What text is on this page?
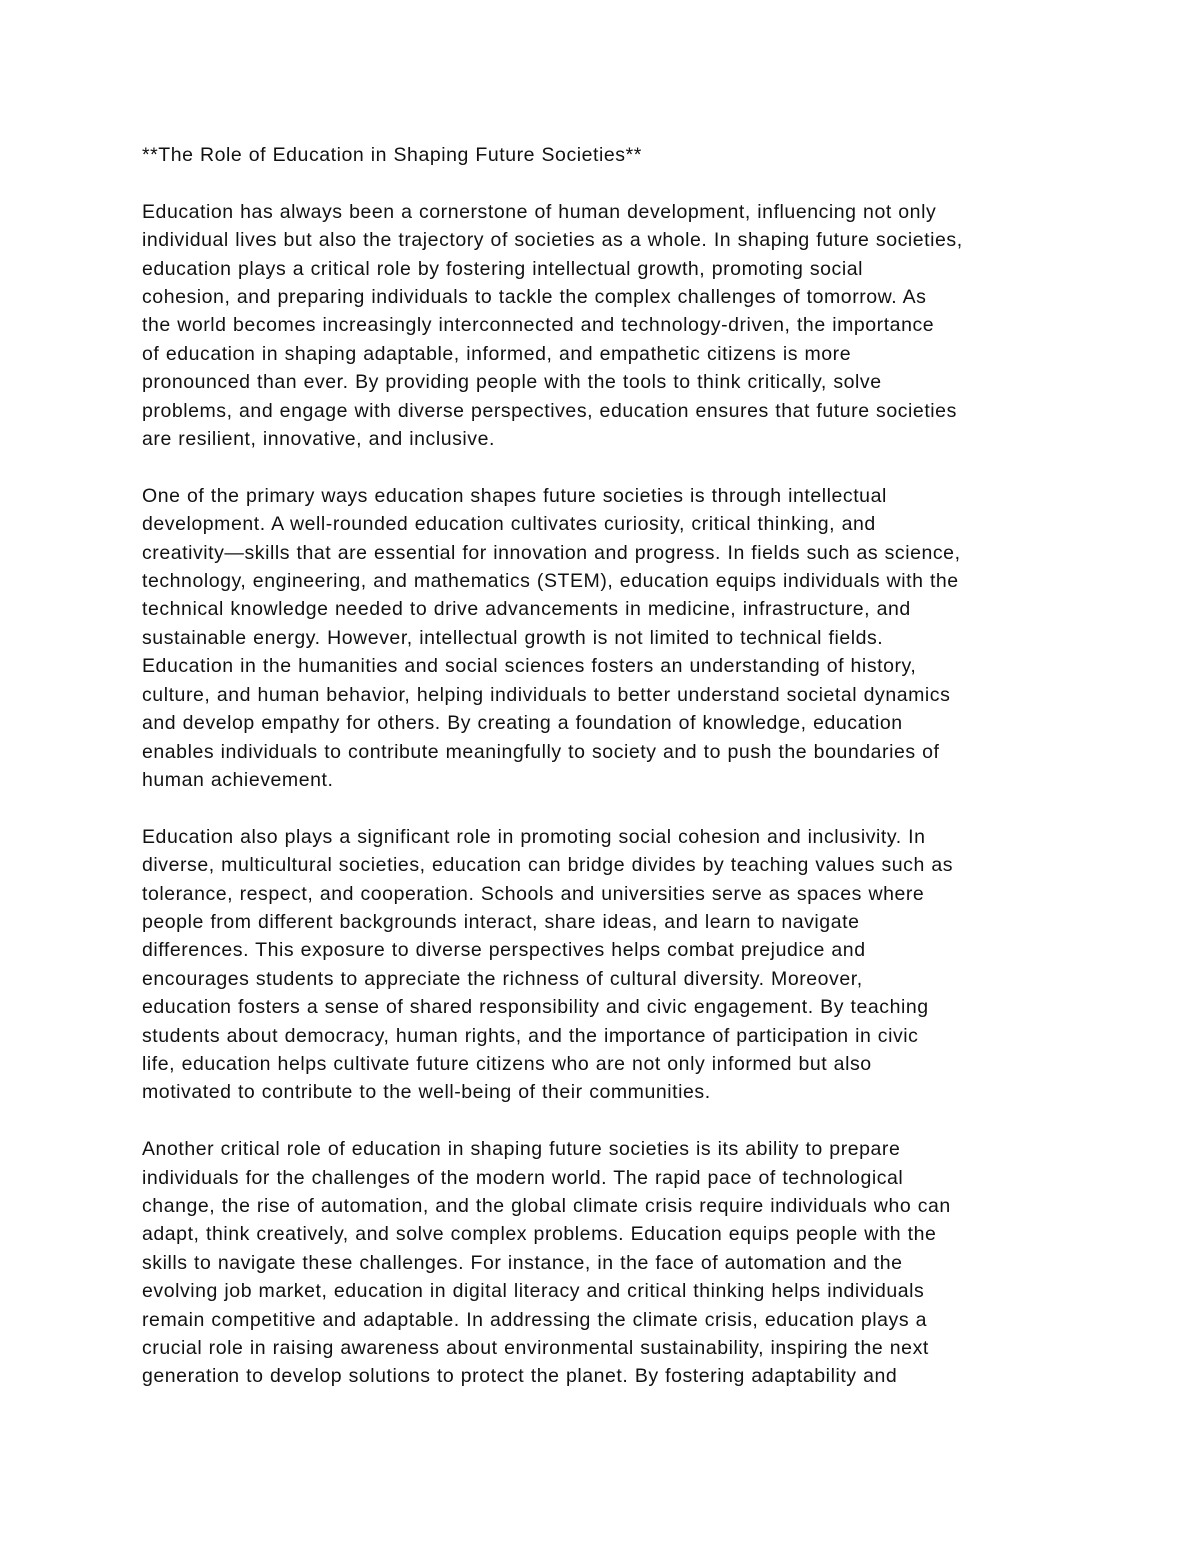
**The Role of Education in Shaping Future Societies**
Education has always been a cornerstone of human development, influencing not only
individual lives but also the trajectory of societies as a whole. In shaping future societies,
education plays a critical role by fostering intellectual growth, promoting social
cohesion, and preparing individuals to tackle the complex challenges of tomorrow. As
the world becomes increasingly interconnected and technology-driven, the importance
of education in shaping adaptable, informed, and empathetic citizens is more
pronounced than ever. By providing people with the tools to think critically, solve
problems, and engage with diverse perspectives, education ensures that future societies
are resilient, innovative, and inclusive.
One of the primary ways education shapes future societies is through intellectual
development. A well-rounded education cultivates curiosity, critical thinking, and
creativity—skills that are essential for innovation and progress. In fields such as science,
technology, engineering, and mathematics (STEM), education equips individuals with the
technical knowledge needed to drive advancements in medicine, infrastructure, and
sustainable energy. However, intellectual growth is not limited to technical fields.
Education in the humanities and social sciences fosters an understanding of history,
culture, and human behavior, helping individuals to better understand societal dynamics
and develop empathy for others. By creating a foundation of knowledge, education
enables individuals to contribute meaningfully to society and to push the boundaries of
human achievement.
Education also plays a significant role in promoting social cohesion and inclusivity. In
diverse, multicultural societies, education can bridge divides by teaching values such as
tolerance, respect, and cooperation. Schools and universities serve as spaces where
people from different backgrounds interact, share ideas, and learn to navigate
differences. This exposure to diverse perspectives helps combat prejudice and
encourages students to appreciate the richness of cultural diversity. Moreover,
education fosters a sense of shared responsibility and civic engagement. By teaching
students about democracy, human rights, and the importance of participation in civic
life, education helps cultivate future citizens who are not only informed but also
motivated to contribute to the well-being of their communities.
Another critical role of education in shaping future societies is its ability to prepare
individuals for the challenges of the modern world. The rapid pace of technological
change, the rise of automation, and the global climate crisis require individuals who can
adapt, think creatively, and solve complex problems. Education equips people with the
skills to navigate these challenges. For instance, in the face of automation and the
evolving job market, education in digital literacy and critical thinking helps individuals
remain competitive and adaptable. In addressing the climate crisis, education plays a
crucial role in raising awareness about environmental sustainability, inspiring the next
generation to develop solutions to protect the planet. By fostering adaptability and
